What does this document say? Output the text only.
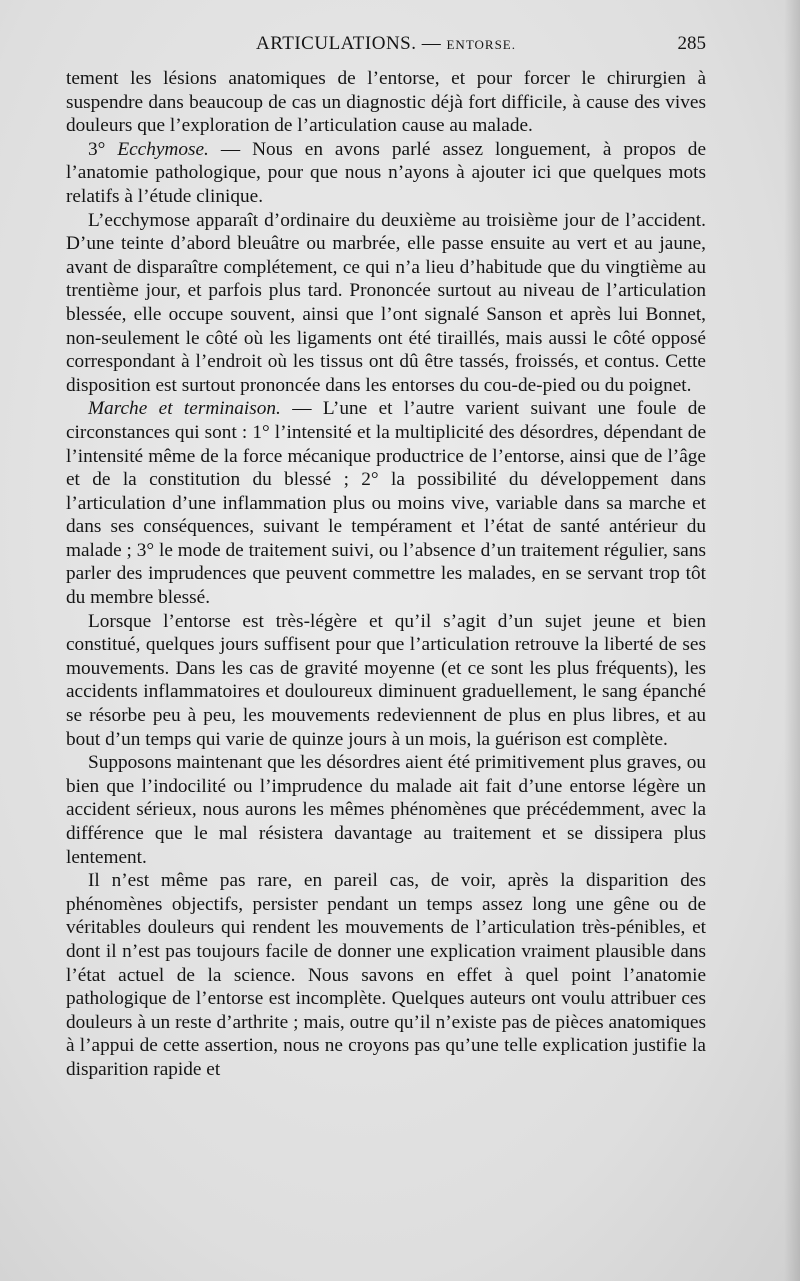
ARTICULATIONS. — ENTORSE.	285

tement les lésions anatomiques de l’entorse, et pour forcer le chirurgien à suspendre dans beaucoup de cas un diagnostic déjà fort difficile, à cause des vives douleurs que l’exploration de l’articulation cause au malade.

3° Ecchymose. — Nous en avons parlé assez longuement, à propos de l’anatomie pathologique, pour que nous n’ayons à ajouter ici que quelques mots relatifs à l’étude clinique.

L’ecchymose apparaît d’ordinaire du deuxième au troisième jour de l’accident. D’une teinte d’abord bleuâtre ou marbrée, elle passe ensuite au vert et au jaune, avant de disparaître complétement, ce qui n’a lieu d’habitude que du vingtième au trentième jour, et parfois plus tard. Prononcée surtout au niveau de l’articulation blessée, elle occupe souvent, ainsi que l’ont signalé Sanson et après lui Bonnet, non-seulement le côté où les ligaments ont été tiraillés, mais aussi le côté opposé correspondant à l’endroit où les tissus ont dû être tassés, froissés, et contus. Cette disposition est surtout prononcée dans les entorses du cou-de-pied ou du poignet.

Marche et terminaison. — L’une et l’autre varient suivant une foule de circonstances qui sont : 1° l’intensité et la multiplicité des désordres, dépendant de l’intensité même de la force mécanique productrice de l’entorse, ainsi que de l’âge et de la constitution du blessé ; 2° la possibilité du développement dans l’articulation d’une inflammation plus ou moins vive, variable dans sa marche et dans ses conséquences, suivant le tempérament et l’état de santé antérieur du malade ; 3° le mode de traitement suivi, ou l’absence d’un traitement régulier, sans parler des imprudences que peuvent commettre les malades, en se servant trop tôt du membre blessé.

Lorsque l’entorse est très-légère et qu’il s’agit d’un sujet jeune et bien constitué, quelques jours suffisent pour que l’articulation retrouve la liberté de ses mouvements. Dans les cas de gravité moyenne (et ce sont les plus fréquents), les accidents inflammatoires et douloureux diminuent graduellement, le sang épanché se résorbe peu à peu, les mouvements redeviennent de plus en plus libres, et au bout d’un temps qui varie de quinze jours à un mois, la guérison est complète.

Supposons maintenant que les désordres aient été primitivement plus graves, ou bien que l’indocilité ou l’imprudence du malade ait fait d’une entorse légère un accident sérieux, nous aurons les mêmes phénomènes que précédemment, avec la différence que le mal résistera davantage au traitement et se dissipera plus lentement.

Il n’est même pas rare, en pareil cas, de voir, après la disparition des phénomènes objectifs, persister pendant un temps assez long une gêne ou de véritables douleurs qui rendent les mouvements de l’articulation très-pénibles, et dont il n’est pas toujours facile de donner une explication vraiment plausible dans l’état actuel de la science. Nous savons en effet à quel point l’anatomie pathologique de l’entorse est incomplète. Quelques auteurs ont voulu attribuer ces douleurs à un reste d’arthrite ; mais, outre qu’il n’existe pas de pièces anatomiques à l’appui de cette assertion, nous ne croyons pas qu’une telle explication justifie la disparition rapide et
